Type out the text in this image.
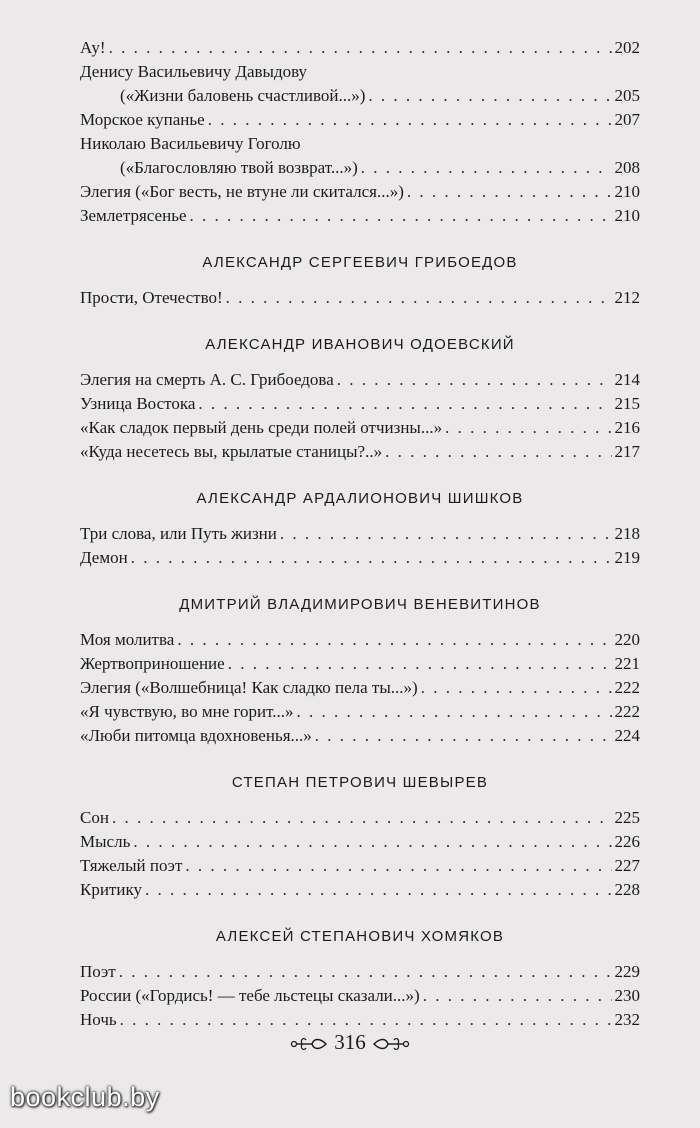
Ау! . . .	202
Денису Васильевичу Давыдову
(«Жизни баловень счастливой...») . . .	205
Морское купанье . . .	207
Николаю Васильевичу Гоголю
(«Благословляю твой возврат...») . . .	208
Элегия («Бог весть, не втуне ли скитался...») . . .	210
Землетрясенье . . .	210
АЛЕКСАНДР СЕРГЕЕВИЧ ГРИБОЕДОВ
Прости, Отечество! . . .	212
АЛЕКСАНДР ИВАНОВИЧ ОДОЕВСКИЙ
Элегия на смерть А. С. Грибоедова . . .	214
Узница Востока . . .	215
«Как сладок первый день среди полей отчизны...» . . .	216
«Куда несетесь вы, крылатые станицы?..» . . .	217
АЛЕКСАНДР АРДАЛИОНОВИЧ ШИШКОВ
Три слова, или Путь жизни . . .	218
Демон . . .	219
ДМИТРИЙ ВЛАДИМИРОВИЧ ВЕНЕВИТИНОВ
Моя молитва . . .	220
Жертвоприношение . . .	221
Элегия («Волшебница! Как сладко пела ты...») . . .	222
«Я чувствую, во мне горит...» . . .	222
«Люби питомца вдохновенья...» . . .	224
СТЕПАН ПЕТРОВИЧ ШЕВЫРЕВ
Сон . . .	225
Мысль . . .	226
Тяжелый поэт . . .	227
Критику . . .	228
АЛЕКСЕЙ СТЕПАНОВИЧ ХОМЯКОВ
Поэт . . .	229
России («Гордись! — тебе льстецы сказали...») . . .	230
Ночь . . .	232
316
bookclub.by
